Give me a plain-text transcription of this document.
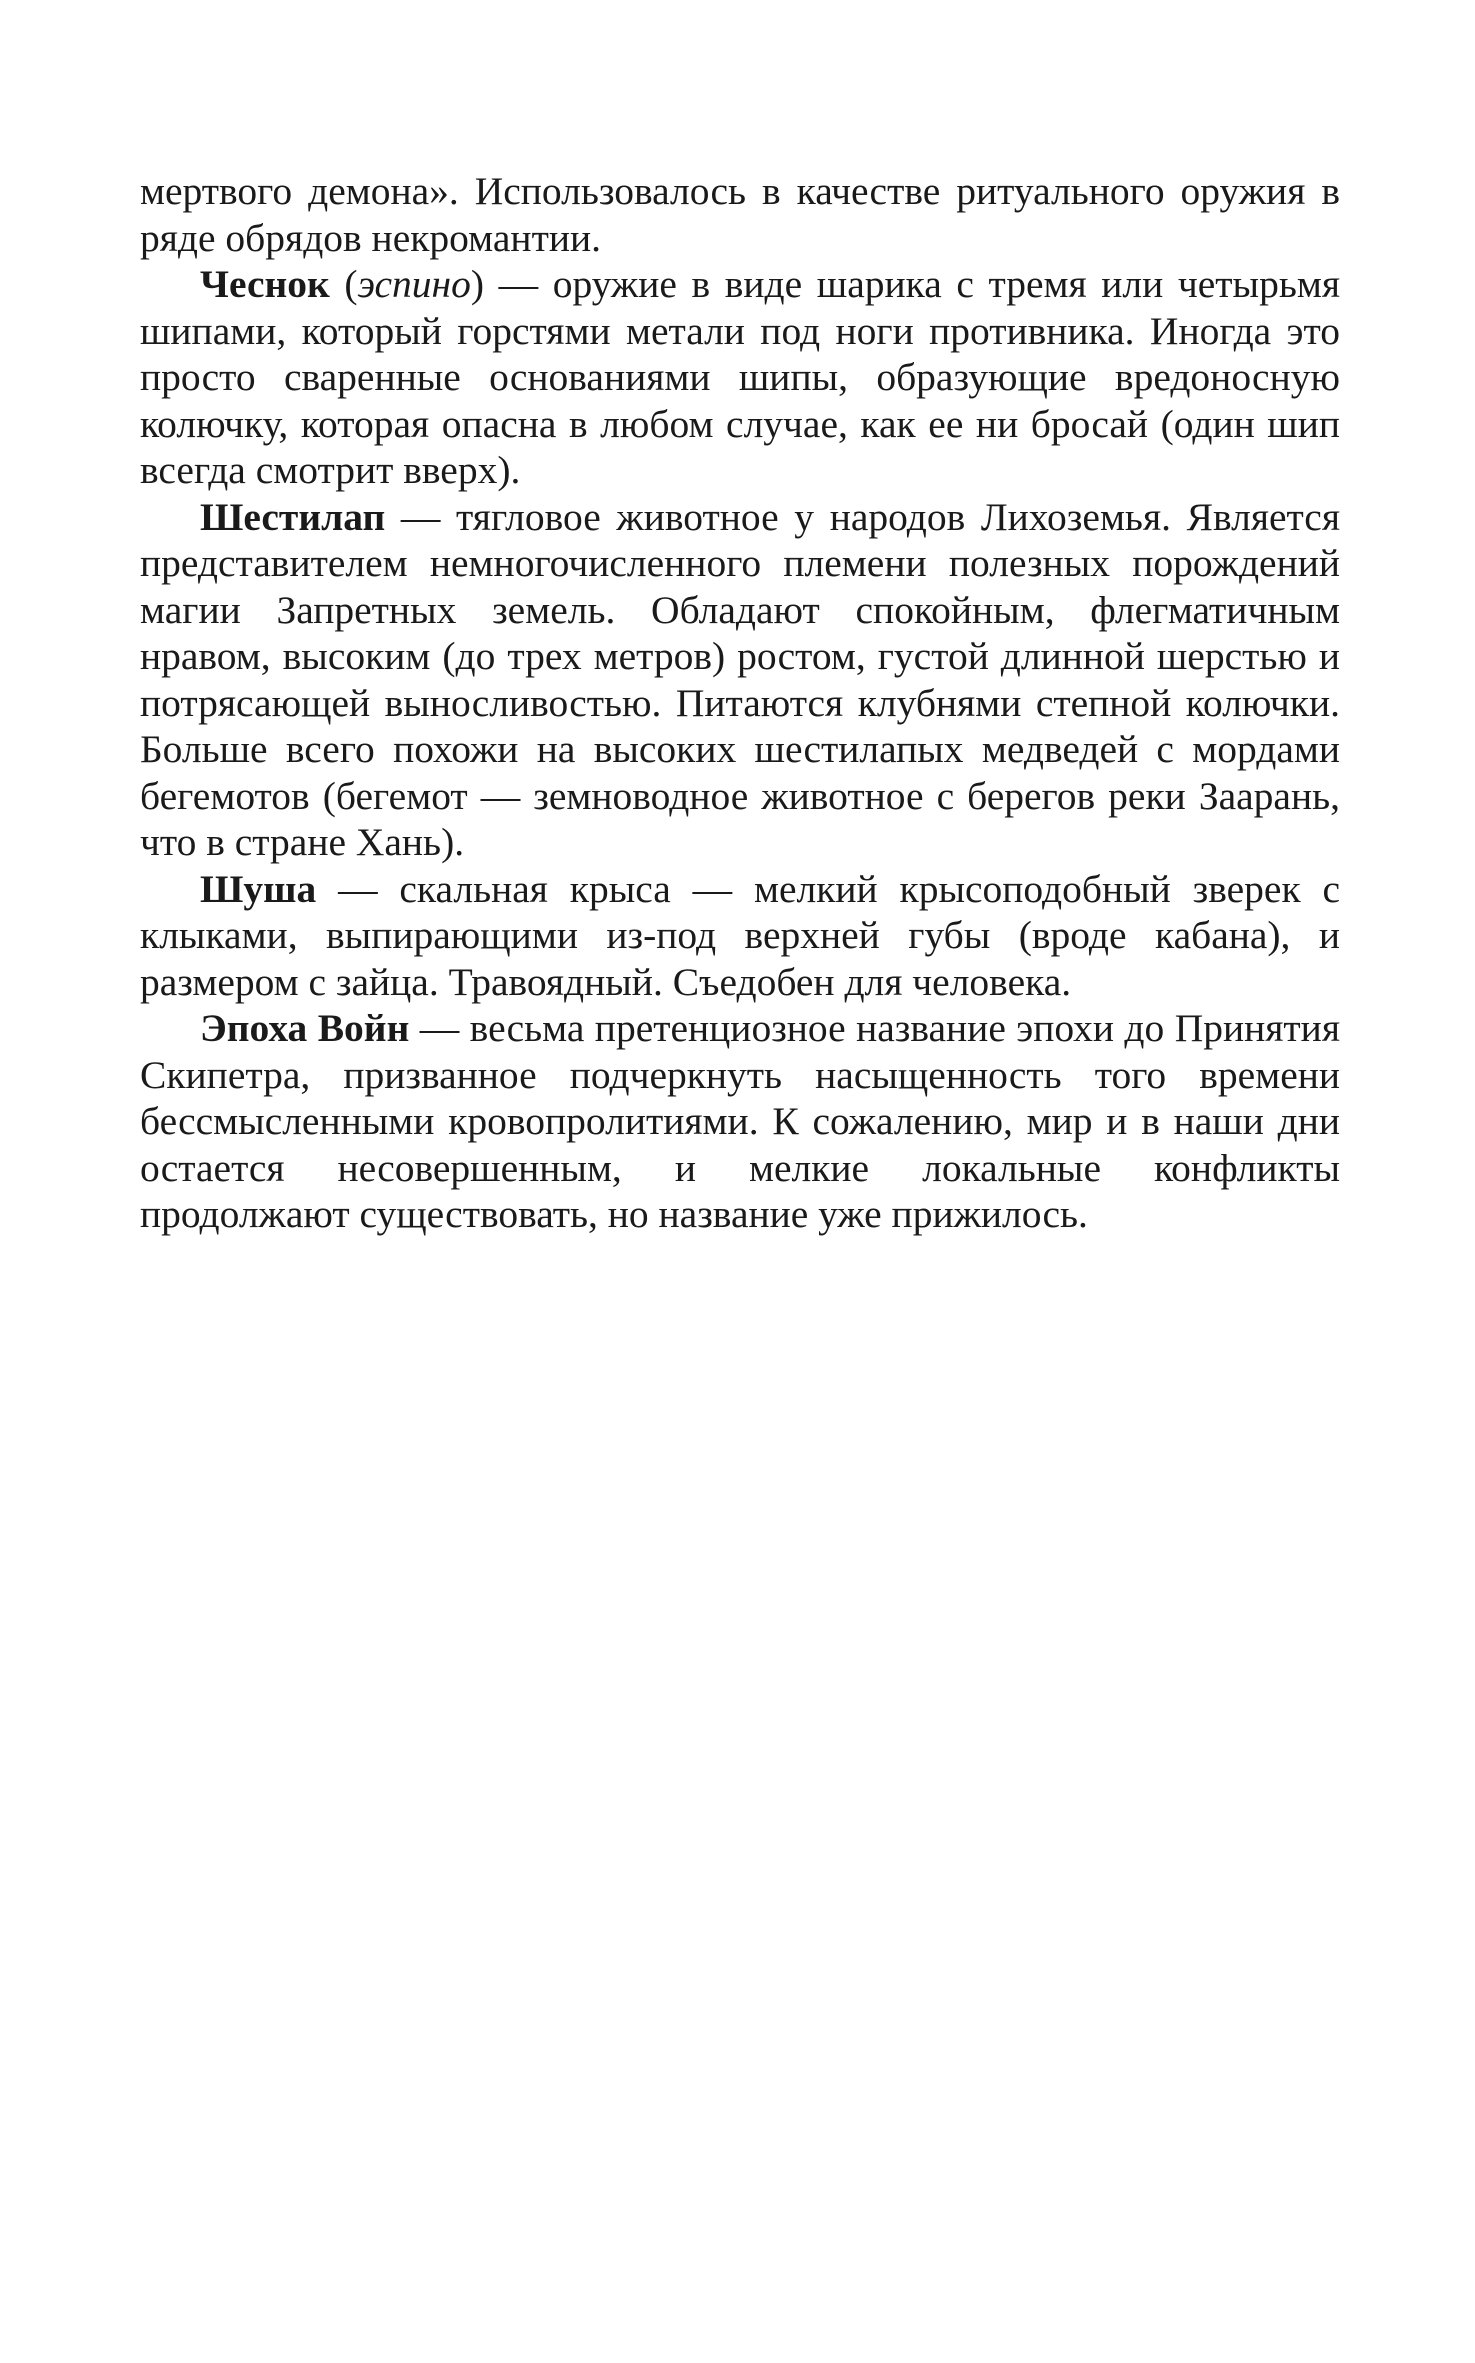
мертвого демона». Использовалось в качестве ритуального оружия в ряде обрядов некромантии.

Чеснок (эспино) — оружие в виде шарика с тремя или четырьмя шипами, который горстями метали под ноги противника. Иногда это просто сваренные основаниями шипы, образующие вредоносную колючку, которая опасна в любом случае, как ее ни бросай (один шип всегда смотрит вверх).

Шестилап — тягловое животное у народов Лихоземья. Является представителем немногочисленного племени полезных порождений магии Запретных земель. Обладают спокойным, флегматичным нравом, высоким (до трех метров) ростом, густой длинной шерстью и потрясающей выносливостью. Питаются клубнями степной колючки. Больше всего похожи на высоких шестилапых медведей с мордами бегемотов (бегемот — земноводное животное с берегов реки Заарань, что в стране Хань).

Шуша — скальная крыса — мелкий крысоподобный зверек с клыками, выпирающими из-под верхней губы (вроде кабана), и размером с зайца. Травоядный. Съедобен для человека.

Эпоха Войн — весьма претенциозное название эпохи до Принятия Скипетра, призванное подчеркнуть насыщенность того времени бессмысленными кровопролитиями. К сожалению, мир и в наши дни остается несовершенным, и мелкие локальные конфликты продолжают существовать, но название уже прижилось.
